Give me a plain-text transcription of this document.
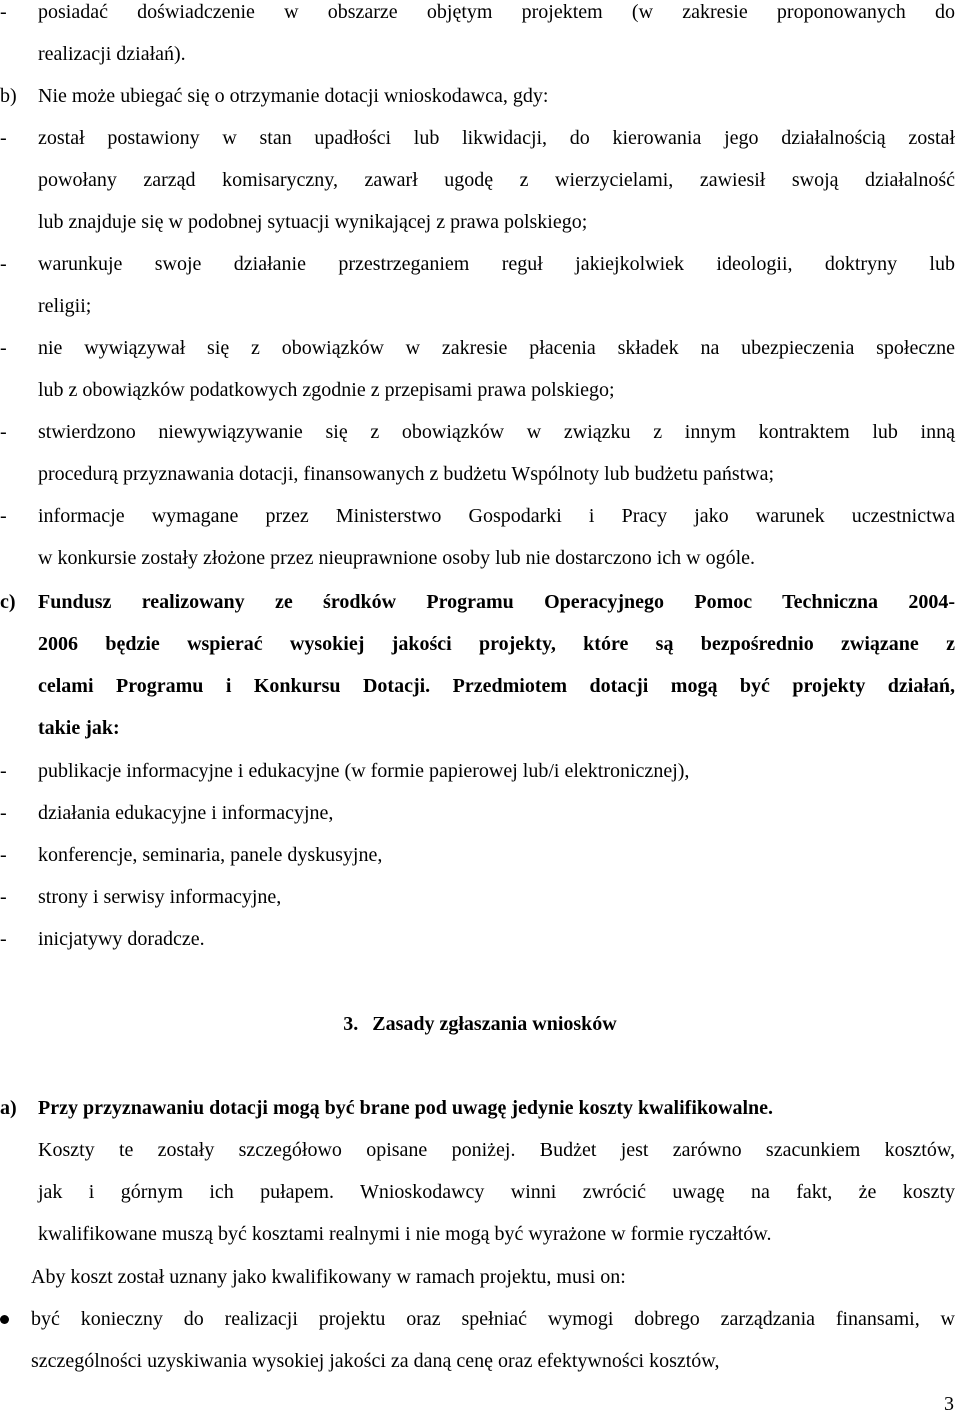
- posiadać doświadczenie w obszarze objętym projektem (w zakresie proponowanych do
realizacji działań).
b) Nie może ubiegać się o otrzymanie dotacji wnioskodawca, gdy:
- został postawiony w stan upadłości lub likwidacji, do kierowania jego działalnością został
powołany zarząd komisaryczny, zawarł ugodę z wierzycielami, zawiesił swoją działalność
lub znajduje się w podobnej sytuacji wynikającej z prawa polskiego;
- warunkuje swoje działanie przestrzeganiem reguł jakiejkolwiek ideologii, doktryny lub
religii;
- nie wywiązywał się z obowiązków w zakresie płacenia składek na ubezpieczenia społeczne
lub z obowiązków podatkowych zgodnie z przepisami prawa polskiego;
- stwierdzono niewywiązywanie się z obowiązków w związku z innym kontraktem lub inną
procedurą przyznawania dotacji, finansowanych z budżetu Wspólnoty lub budżetu państwa;
- informacje wymagane przez Ministerstwo Gospodarki i Pracy jako warunek uczestnictwa
w konkursie zostały złożone przez nieuprawnione osoby lub nie dostarczono ich w ogóle.
c) Fundusz realizowany ze środków Programu Operacyjnego Pomoc Techniczna 2004-
2006 będzie wspierać wysokiej jakości projekty, które są bezpośrednio związane z
celami Programu i Konkursu Dotacji. Przedmiotem dotacji mogą być projekty działań,
takie jak:
- publikacje informacyjne i edukacyjne (w formie papierowej lub/i elektronicznej),
- działania edukacyjne i informacyjne,
- konferencje, seminaria, panele dyskusyjne,
- strony i serwisy informacyjne,
- inicjatywy doradcze.
3. Zasady zgłaszania wniosków
a) Przy przyznawaniu dotacji mogą być brane pod uwagę jedynie koszty kwalifikowalne.
Koszty te zostały szczegółowo opisane poniżej. Budżet jest zarówno szacunkiem kosztów,
jak i górnym ich pułapem. Wnioskodawcy winni zwrócić uwagę na fakt, że koszty
kwalifikowane muszą być kosztami realnymi i nie mogą być wyrażone w formie ryczałtów.
Aby koszt został uznany jako kwalifikowany w ramach projektu, musi on:
być konieczny do realizacji projektu oraz spełniać wymogi dobrego zarządzania finansami, w
szczególności uzyskiwania wysokiej jakości za daną cenę oraz efektywności kosztów,
3
